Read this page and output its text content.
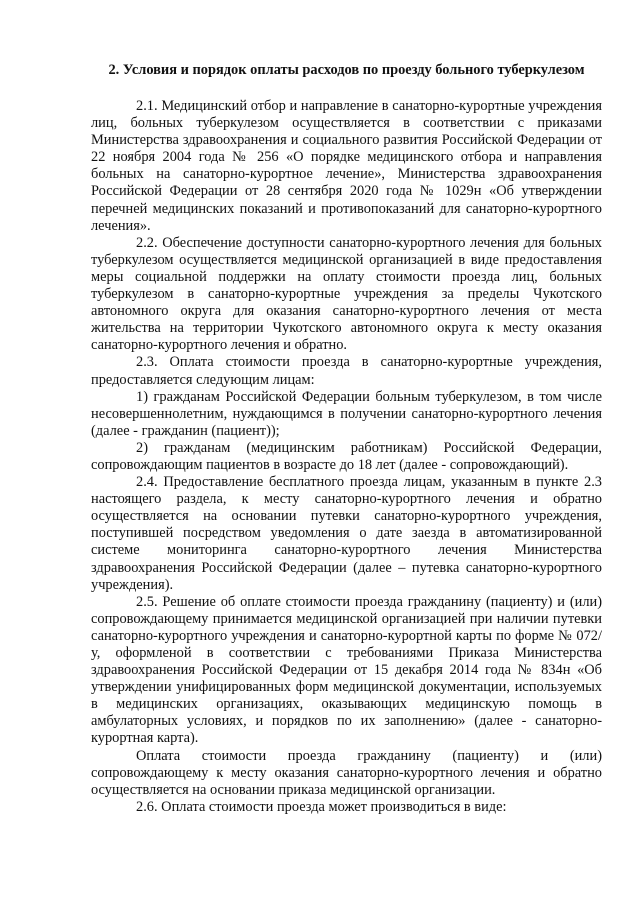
2. Условия и порядок оплаты расходов по проезду больного туберкулезом

2.1. Медицинский отбор и направление в санаторно-курортные учреждения лиц, больных туберкулезом осуществляется в соответствии с приказами Министерства здравоохранения и социального развития Российской Федерации от 22 ноября 2004 года № 256 «О порядке медицинского отбора и направления больных на санаторно-курортное лечение», Министерства здравоохранения Российской Федерации от 28 сентября 2020 года № 1029н «Об утверждении перечней медицинских показаний и противопоказаний для санаторно-курортного лечения».

2.2. Обеспечение доступности санаторно-курортного лечения для больных туберкулезом осуществляется медицинской организацией в виде предоставления меры социальной поддержки на оплату стоимости проезда лиц, больных туберкулезом в санаторно-курортные учреждения за пределы Чукотского автономного округа для оказания санаторно-курортного лечения от места жительства на территории Чукотского автономного округа к месту оказания санаторно-курортного лечения и обратно.

2.3. Оплата стоимости проезда в санаторно-курортные учреждения, предоставляется следующим лицам:

1) гражданам Российской Федерации больным туберкулезом, в том числе несовершеннолетним, нуждающимся в получении санаторно-курортного лечения (далее - гражданин (пациент));

2) гражданам (медицинским работникам) Российской Федерации, сопровождающим пациентов в возрасте до 18 лет (далее - сопровождающий).

2.4. Предоставление бесплатного проезда лицам, указанным в пункте 2.3 настоящего раздела, к месту санаторно-курортного лечения и обратно осуществляется на основании путевки санаторно-курортного учреждения, поступившей посредством уведомления о дате заезда в автоматизированной системе мониторинга санаторно-курортного лечения Министерства здравоохранения Российской Федерации (далее – путевка санаторно-курортного учреждения).

2.5. Решение об оплате стоимости проезда гражданину (пациенту) и (или) сопровождающему принимается медицинской организацией при наличии путевки санаторно-курортного учреждения и санаторно-курортной карты по форме № 072/у, оформленой в соответствии с требованиями Приказа Министерства здравоохранения Российской Федерации от 15 декабря 2014 года № 834н «Об утверждении унифицированных форм медицинской документации, используемых в медицинских организациях, оказывающих медицинскую помощь в амбулаторных условиях, и порядков по их заполнению» (далее - санаторно-курортная карта).

Оплата стоимости проезда гражданину (пациенту) и (или) сопровождающему к месту оказания санаторно-курортного лечения и обратно осуществляется на основании приказа медицинской организации.

2.6. Оплата стоимости проезда может производиться в виде:
